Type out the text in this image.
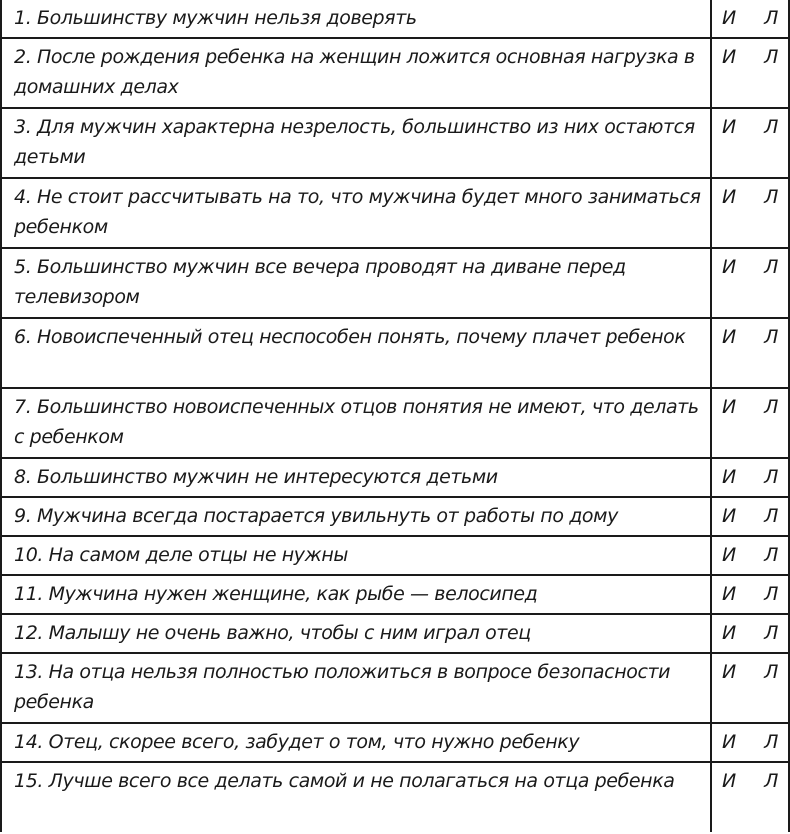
1. Большинству мужчин нельзя доверять	И Л

2. После рождения ребенка на женщин ложится основная нагрузка в домашних делах	И Л

3. Для мужчин характерна незрелость, большинство из них остаются детьми	И Л

4. Не стоит рассчитывать на то, что мужчина будет много заниматься ребенком	И Л

5. Большинство мужчин все вечера проводят на диване перед телевизором	И Л

6. Новоиспеченный отец неспособен понять, почему плачет ребенок	И Л

7. Большинство новоиспеченных отцов понятия не имеют, что делать с ребенком	И Л

8. Большинство мужчин не интересуются детьми	И Л

9. Мужчина всегда постарается увильнуть от работы по дому	И Л

10. На самом деле отцы не нужны	И Л

11. Мужчина нужен женщине, как рыбе — велосипед	И Л

12. Малышу не очень важно, чтобы с ним играл отец	И Л

13. На отца нельзя полностью положиться в вопросе безопасности ребенка	И Л

14. Отец, скорее всего, забудет о том, что нужно ребенку	И Л

15. Лучше всего все делать самой и не полагаться на отца ребенка	И Л
